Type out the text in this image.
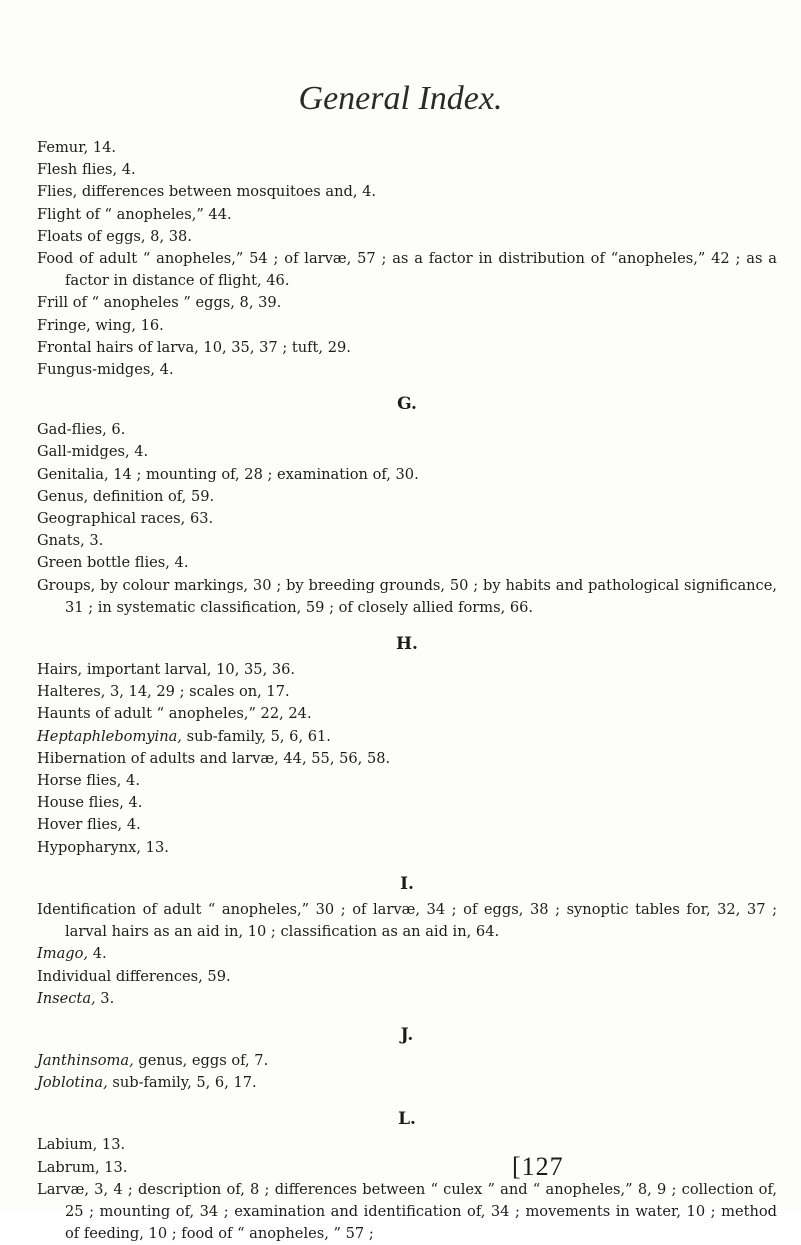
General Index.

Femur, 14.

Flesh flies, 4.

Flies, differences between mosquitoes and, 4.

Flight of “ anopheles,” 44.

Floats of eggs, 8, 38.

Food of adult “ anopheles,” 54 ; of larvæ, 57 ; as a factor in distribution of “anopheles,” 42 ; as a factor in distance of flight, 46.

Frill of “ anopheles ” eggs, 8, 39.

Fringe, wing, 16.

Frontal hairs of larva, 10, 35, 37 ; tuft, 29.

Fungus-midges, 4.

G.

Gad-flies, 6.

Gall-midges, 4.

Genitalia, 14 ; mounting of, 28 ; examination of, 30.

Genus, definition of, 59.

Geographical races, 63.

Gnats, 3.

Green bottle flies, 4.

Groups, by colour markings, 30 ; by breeding grounds, 50 ; by habits and pathological significance, 31 ; in systematic classification, 59 ; of closely allied forms, 66.

H.

Hairs, important larval, 10, 35, 36.

Halteres, 3, 14, 29 ; scales on, 17.

Haunts of adult “ anopheles,” 22, 24.

Heptaphlebomyina, sub-family, 5, 6, 61.

Hibernation of adults and larvæ, 44, 55, 56, 58.

Horse flies, 4.

House flies, 4.

Hover flies, 4.

Hypopharynx, 13.

I.

Identification of adult “ anopheles,” 30 ; of larvæ, 34 ; of eggs, 38 ; synoptic tables for, 32, 37 ; larval hairs as an aid in, 10 ; classification as an aid in, 64.

Imago, 4.

Individual differences, 59.

Insecta, 3.

J.

Janthinsoma, genus, eggs of, 7.

Joblotina, sub-family, 5, 6, 17.

L.

Labium, 13.

Labrum, 13.

Larvæ, 3, 4 ; description of, 8 ; differences between “ culex ” and “ anopheles,” 8, 9 ; collection of, 25 ; mounting of, 34 ; examination and identification of, 34 ; movements in water, 10 ; method of feeding, 10 ; food of “ anopheles, ” 57 ;

[127
